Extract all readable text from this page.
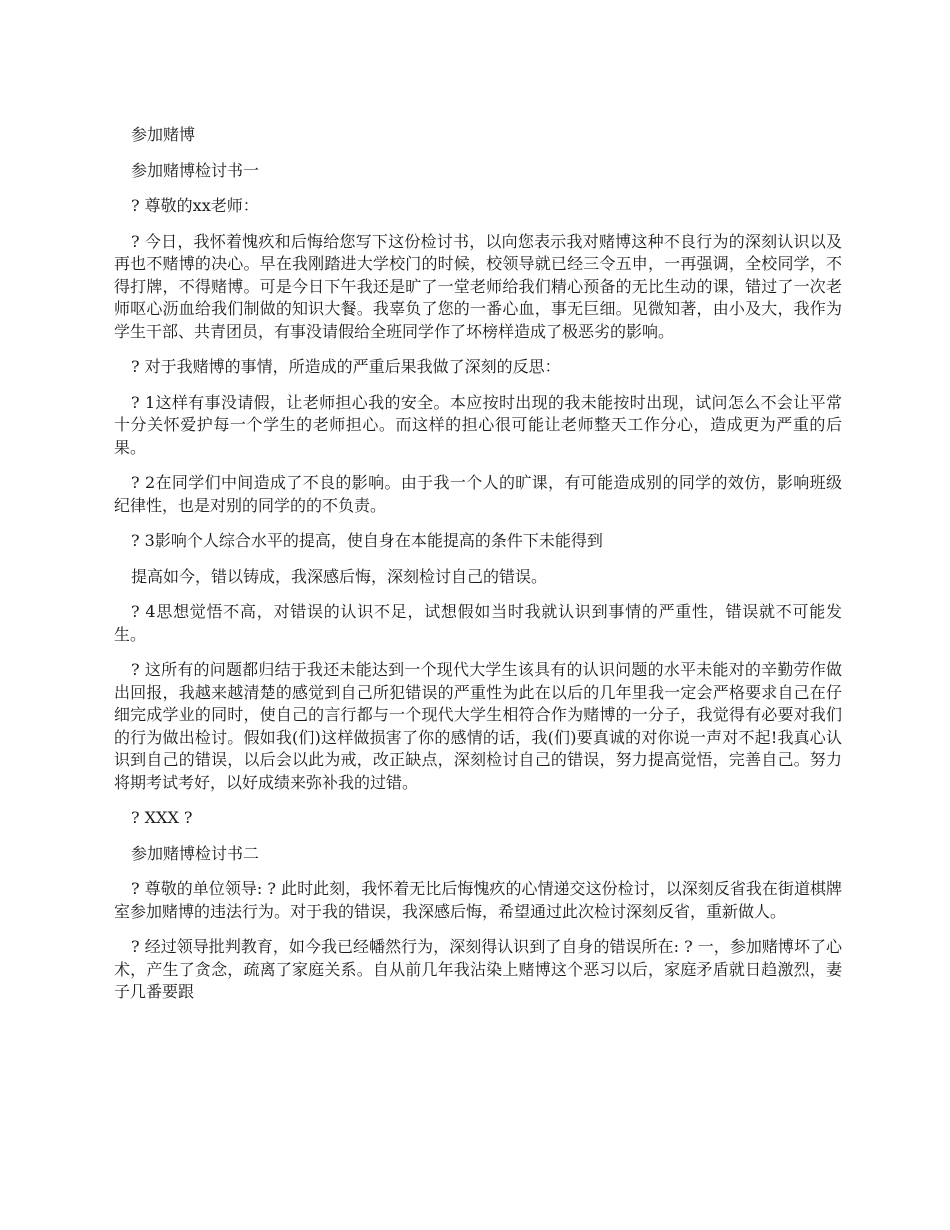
参加赌博
参加赌博检讨书一
? 尊敬的xx老师：
? 今日，我怀着愧疚和后悔给您写下这份检讨书，以向您表示我对赌博这种不良行为的深刻认识以及再也不赌博的决心。早在我刚踏进大学校门的时候，校领导就已经三令五申，一再强调，全校同学，不得打牌，不得赌博。可是今日下午我还是旷了一堂老师给我们精心预备的无比生动的课，错过了一次老师呕心沥血给我们制做的知识大餐。我辜负了您的一番心血，事无巨细。见微知著，由小及大，我作为学生干部、共青团员，有事没请假给全班同学作了坏榜样造成了极恶劣的影响。
? 对于我赌博的事情，所造成的严重后果我做了深刻的反思：
? 1这样有事没请假，让老师担心我的安全。本应按时出现的我未能按时出现，试问怎么不会让平常十分关怀爱护每一个学生的老师担心。而这样的担心很可能让老师整天工作分心，造成更为严重的后果。
? 2在同学们中间造成了不良的影响。由于我一个人的旷课，有可能造成别的同学的效仿，影响班级纪律性，也是对别的同学的的不负责。
? 3影响个人综合水平的提高，使自身在本能提高的条件下未能得到
提高如今，错以铸成，我深感后悔，深刻检讨自己的错误。
? 4思想觉悟不高，对错误的认识不足，试想假如当时我就认识到事情的严重性，错误就不可能发生。
? 这所有的问题都归结于我还未能达到一个现代大学生该具有的认识问题的水平未能对的辛勤劳作做出回报，我越来越清楚的感觉到自己所犯错误的严重性为此在以后的几年里我一定会严格要求自己在仔细完成学业的同时，使自己的言行都与一个现代大学生相符合作为赌博的一分子，我觉得有必要对我们的行为做出检讨。假如我(们)这样做损害了你的感情的话，我(们)要真诚的对你说一声对不起!我真心认识到自己的错误，以后会以此为戒，改正缺点，深刻检讨自己的错误，努力提高觉悟，完善自己。努力将期考试考好，以好成绩来弥补我的过错。
? XXX ?
参加赌博检讨书二
? 尊敬的单位领导: ? 此时此刻，我怀着无比后悔愧疚的心情递交这份检讨，以深刻反省我在街道棋牌室参加赌博的违法行为。对于我的错误，我深感后悔，希望通过此次检讨深刻反省，重新做人。
? 经过领导批判教育，如今我已经幡然行为，深刻得认识到了自身的错误所在: ? 一，参加赌博坏了心术，产生了贪念，疏离了家庭关系。自从前几年我沾染上赌博这个恶习以后，家庭矛盾就日趋激烈，妻子几番要跟
